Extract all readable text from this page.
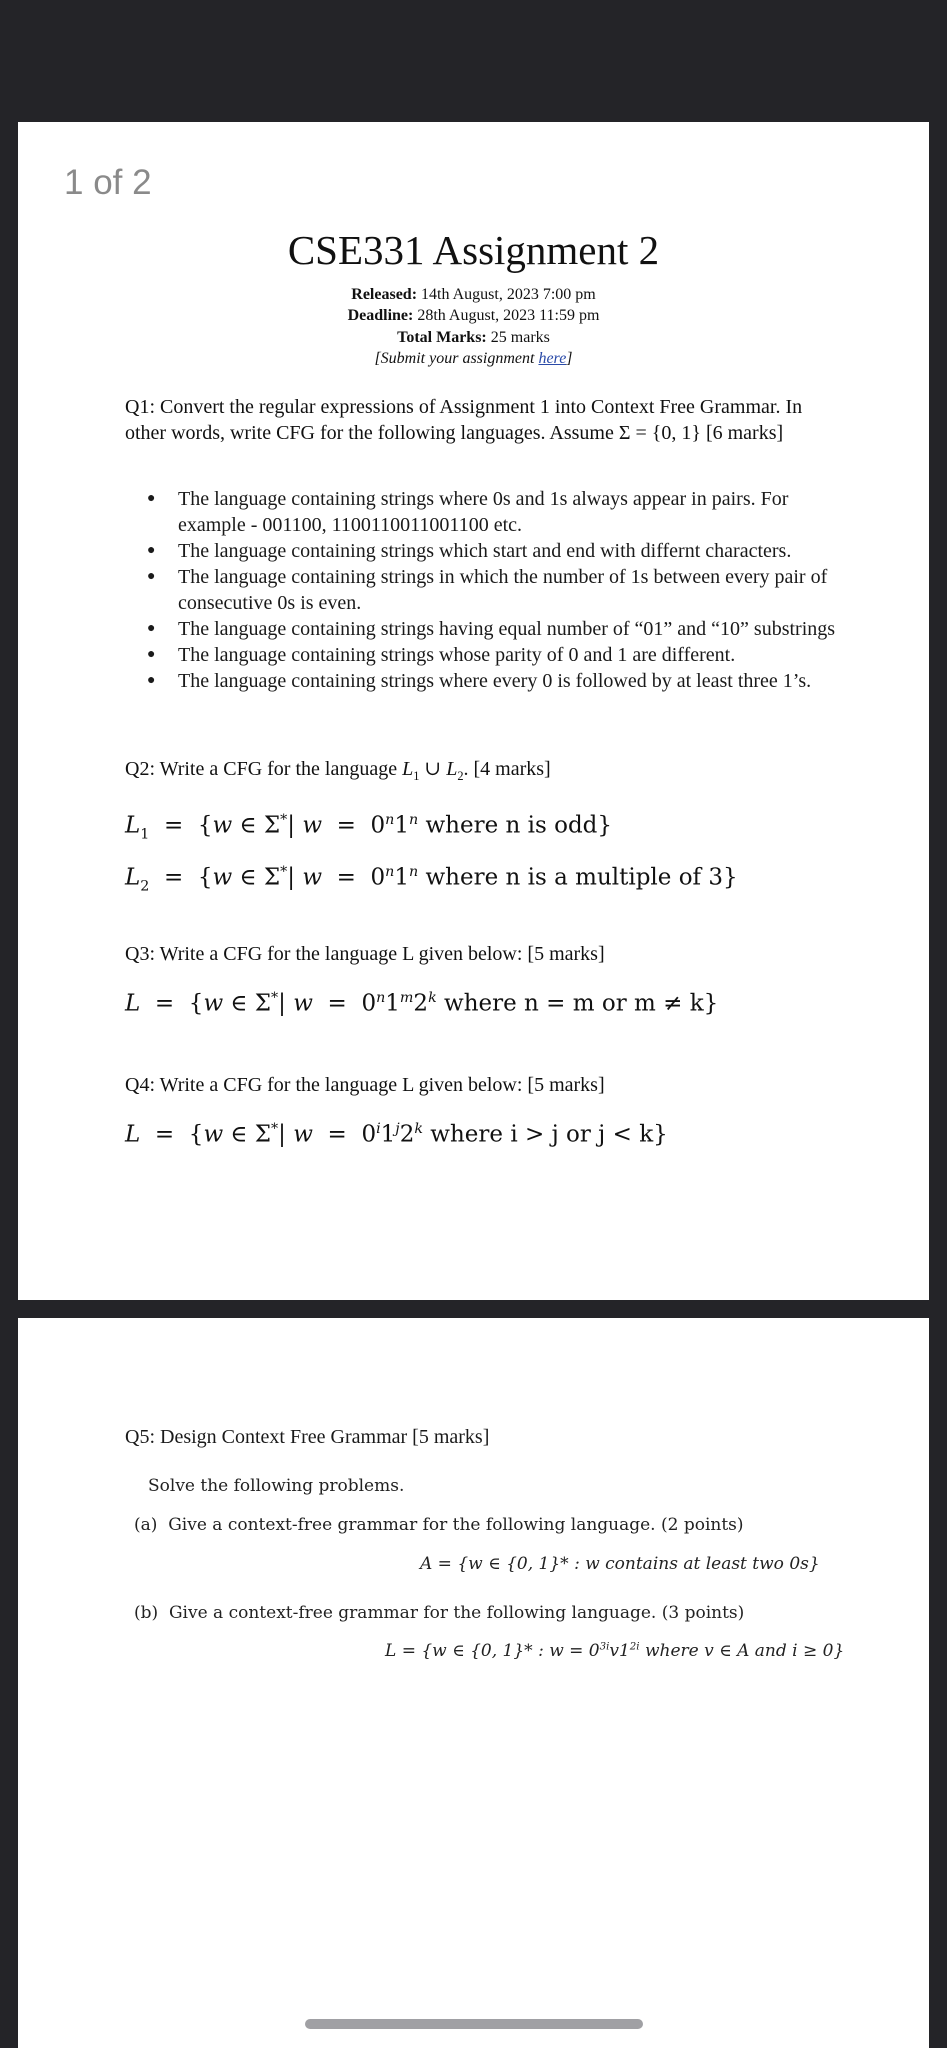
1 of 2
CSE331 Assignment 2
Released: 14th August, 2023 7:00 pm
Deadline: 28th August, 2023 11:59 pm
Total Marks: 25 marks
[Submit your assignment here]
Q1: Convert the regular expressions of Assignment 1 into Context Free Grammar. In other words, write CFG for the following languages. Assume Σ = {0, 1} [6 marks]
● The language containing strings where 0s and 1s always appear in pairs. For example - 001100, 1100110011001100 etc.
● The language containing strings which start and end with differnt characters.
● The language containing strings in which the number of 1s between every pair of consecutive 0s is even.
● The language containing strings having equal number of “01” and “10” substrings
● The language containing strings whose parity of 0 and 1 are different.
● The language containing strings where every 0 is followed by at least three 1’s.
Q2: Write a CFG for the language $L_1$ ∪ $L_2$. [4 marks]
$L_1 = \{w$ ∈ Σ*| w  =  0$^n$1$^n$ where n is odd}
$L_2 = \{w$ ∈ Σ*| w  =  0$^n$1$^n$ where n is a multiple of 3}
Q3: Write a CFG for the language L given below: [5 marks]
L  =  {w ∈ Σ*| w  =  0$^n$1$^m$2$^k$ where n = m or m ≠ k}
Q4: Write a CFG for the language L given below: [5 marks]
L  =  {w ∈ Σ*| w  =  0$^i$1$^j$2$^k$ where i > j or j < k}
Q5: Design Context Free Grammar [5 marks]
Solve the following problems.
(a) Give a context-free grammar for the following language. (2 points)
A = {w ∈ {0, 1}* : w contains at least two 0s}
(b) Give a context-free grammar for the following language. (3 points)
L = {w ∈ {0, 1}* : $w = 0^{3i}v1^{2i}$ where v ∈ A and i ≥ 0}
